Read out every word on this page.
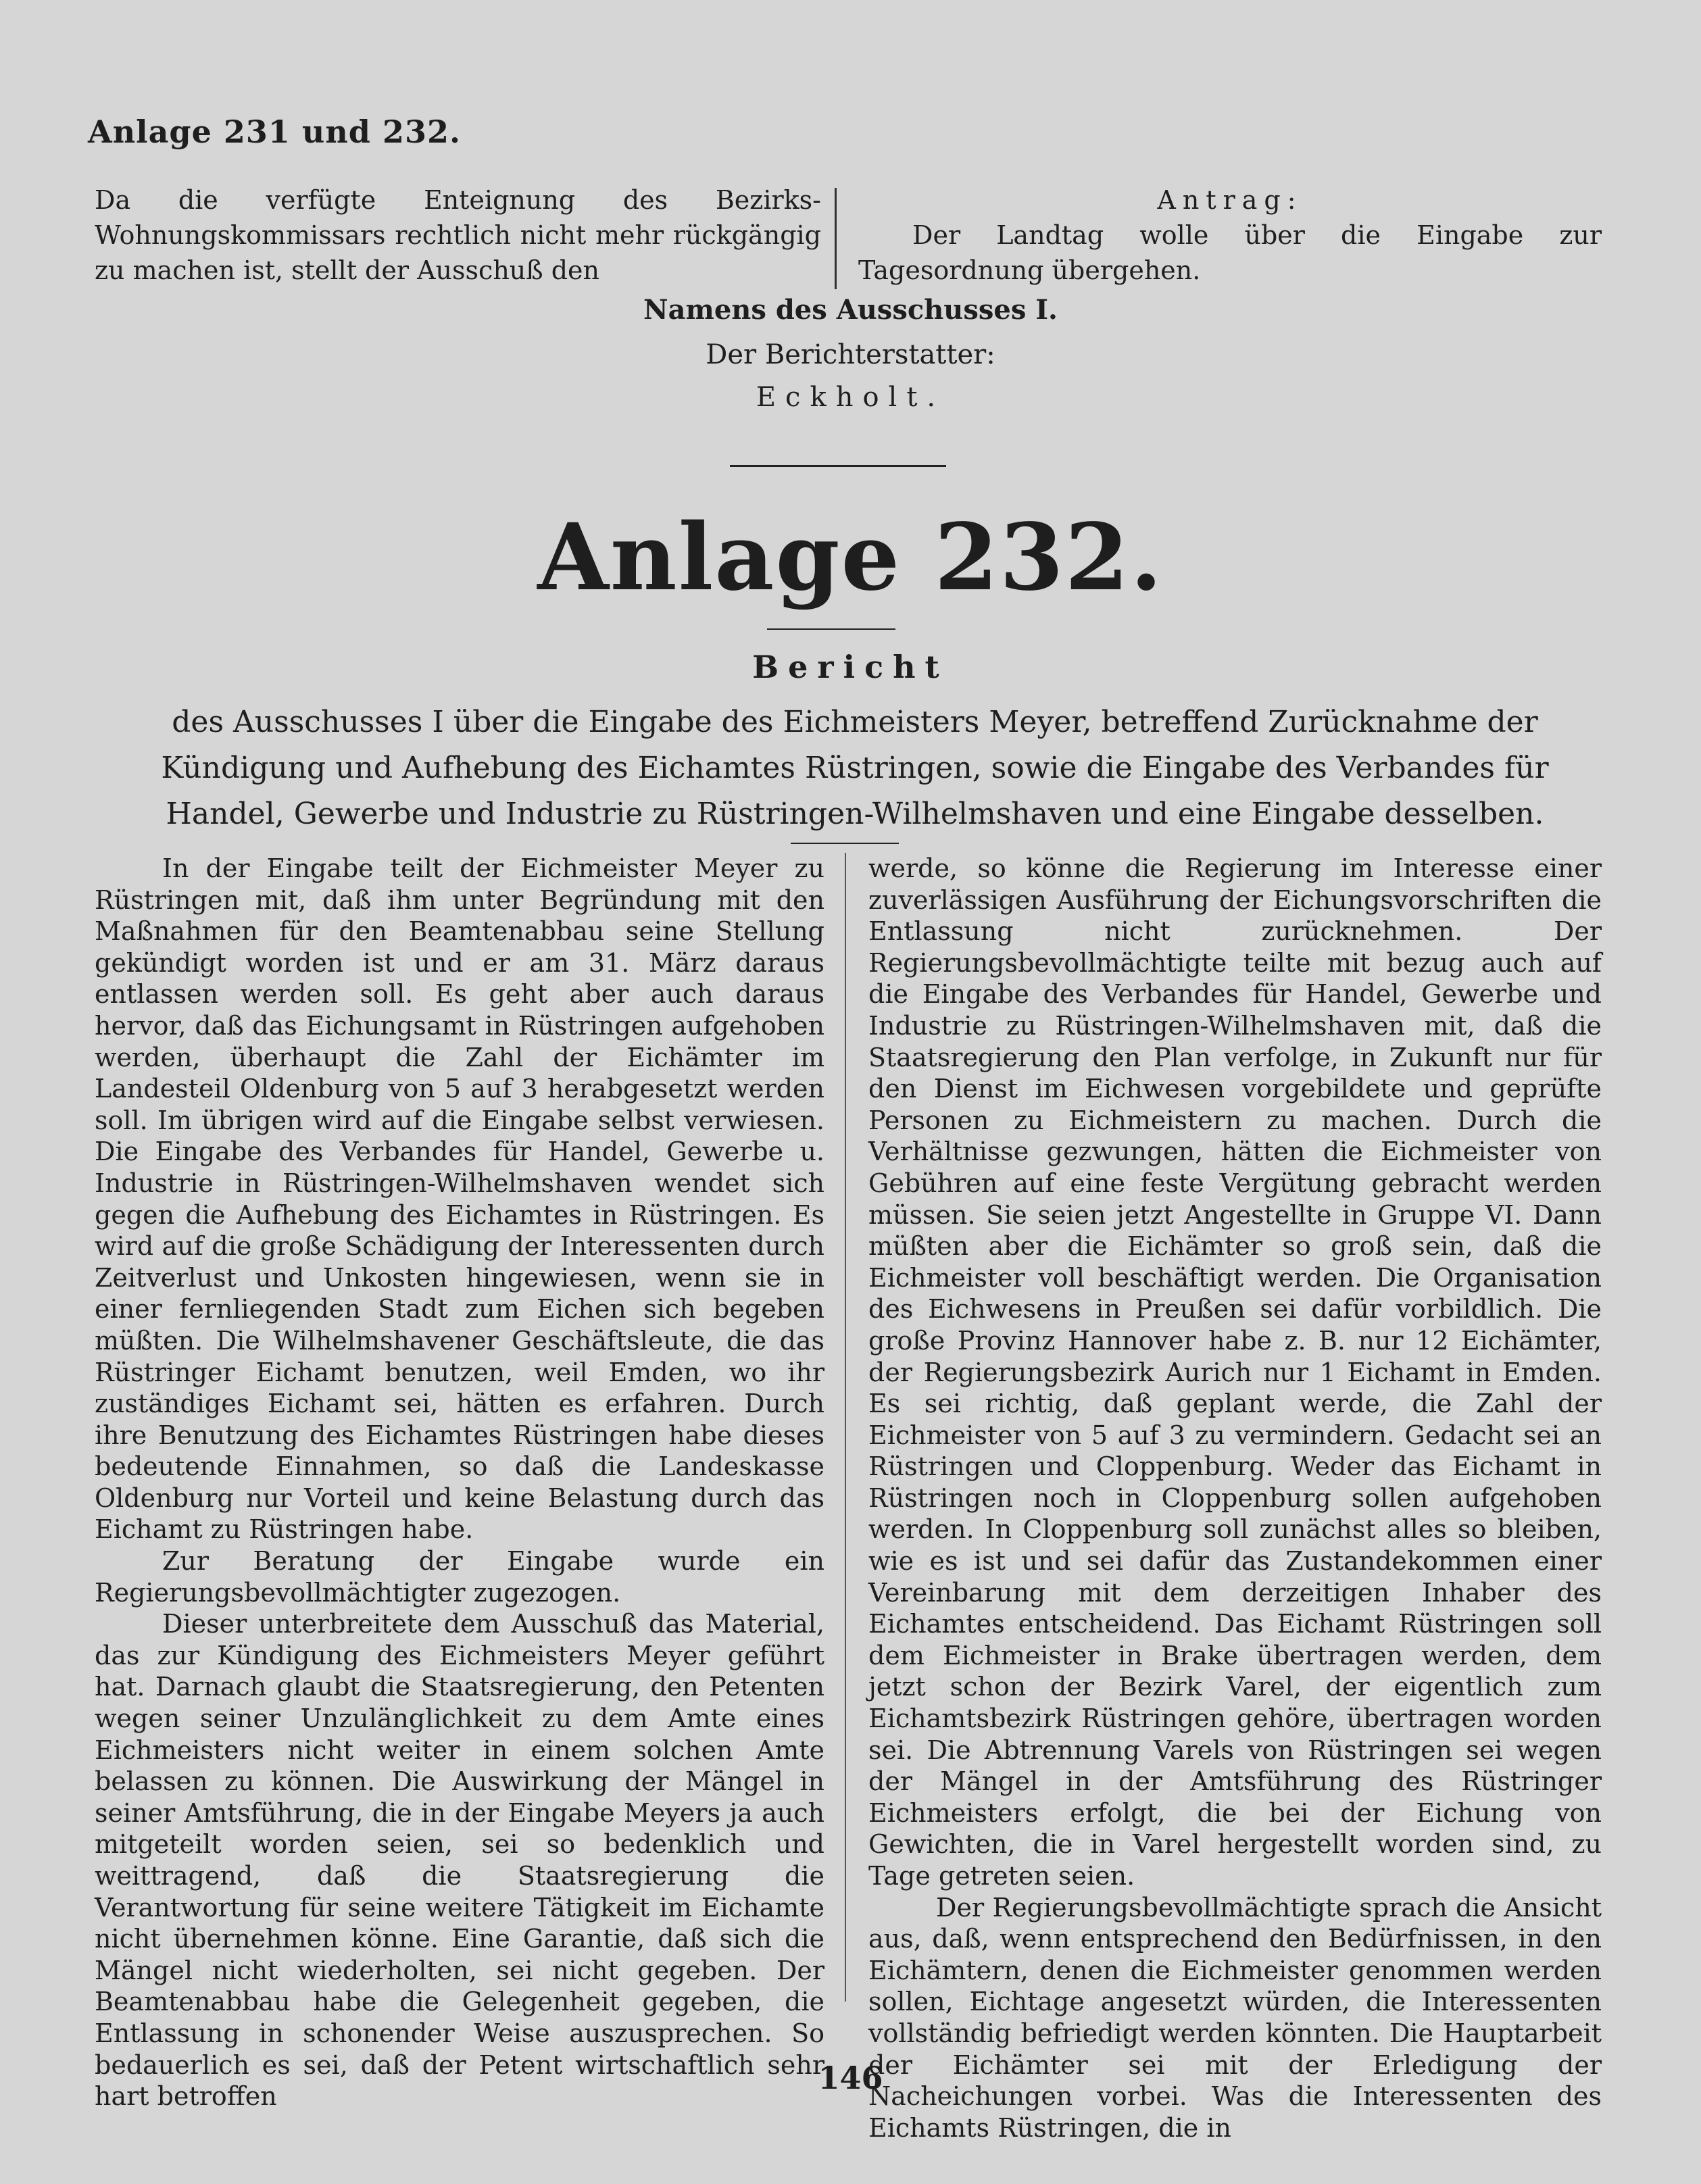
Anlage 231 und 232.
Da die verfügte Enteignung des Bezirks-Wohnungskommissars rechtlich nicht mehr rückgängig zu machen ist, stellt der Ausschuß den
Antrag:
Der Landtag wolle über die Eingabe zur Tagesordnung übergehen.
Namens des Ausschusses I.
Der Berichterstatter:
Eckholt.
Anlage 232.
Bericht
des Ausschusses I über die Eingabe des Eichmeisters Meyer, betreffend Zurücknahme der Kündigung und Aufhebung des Eichamtes Rüstringen, sowie die Eingabe des Verbandes für Handel, Gewerbe und Industrie zu Rüstringen-Wilhelmshaven und eine Eingabe desselben.

In der Eingabe teilt der Eichmeister Meyer zu Rüstringen mit, daß ihm unter Begründung mit den Maßnahmen für den Beamtenabbau seine Stellung gekündigt worden ist und er am 31. März daraus entlassen werden soll. Es geht aber auch daraus hervor, daß das Eichungsamt in Rüstringen aufgehoben werden, überhaupt die Zahl der Eichämter im Landesteil Oldenburg von 5 auf 3 herabgesetzt werden soll. Im übrigen wird auf die Eingabe selbst verwiesen. Die Eingabe des Verbandes für Handel, Gewerbe u. Industrie in Rüstringen-Wilhelmshaven wendet sich gegen die Aufhebung des Eichamtes in Rüstringen. Es wird auf die große Schädigung der Interessenten durch Zeitverlust und Unkosten hingewiesen, wenn sie in einer fernliegenden Stadt zum Eichen sich begeben müßten. Die Wilhelmshavener Geschäftsleute, die das Rüstringer Eichamt benutzen, weil Emden, wo ihr zuständiges Eichamt sei, hätten es erfahren. Durch ihre Benutzung des Eichamtes Rüstringen habe dieses bedeutende Einnahmen, so daß die Landeskasse Oldenburg nur Vorteil und keine Belastung durch das Eichamt zu Rüstringen habe.

Zur Beratung der Eingabe wurde ein Regierungsbevollmächtigter zugezogen.

Dieser unterbreitete dem Ausschuß das Material, das zur Kündigung des Eichmeisters Meyer geführt hat. Darnach glaubt die Staatsregierung, den Petenten wegen seiner Unzulänglichkeit zu dem Amte eines Eichmeisters nicht weiter in einem solchen Amte belassen zu können. Die Auswirkung der Mängel in seiner Amtsführung, die in der Eingabe Meyers ja auch mitgeteilt worden seien, sei so bedenklich und weittragend, daß die Staatsregierung die Verantwortung für seine weitere Tätigkeit im Eichamte nicht übernehmen könne. Eine Garantie, daß sich die Mängel nicht wiederholten, sei nicht gegeben. Der Beamtenabbau habe die Gelegenheit gegeben, die Entlassung in schonender Weise auszusprechen. So bedauerlich es sei, daß der Petent wirtschaftlich sehr hart betroffen

werde, so könne die Regierung im Interesse einer zuverlässigen Ausführung der Eichungsvorschriften die Entlassung nicht zurücknehmen. Der Regierungsbevollmächtigte teilte mit bezug auch auf die Eingabe des Verbandes für Handel, Gewerbe und Industrie zu Rüstringen-Wilhelmshaven mit, daß die Staatsregierung den Plan verfolge, in Zukunft nur für den Dienst im Eichwesen vorgebildete und geprüfte Personen zu Eichmeistern zu machen. Durch die Verhältnisse gezwungen, hätten die Eichmeister von Gebühren auf eine feste Vergütung gebracht werden müssen. Sie seien jetzt Angestellte in Gruppe VI. Dann müßten aber die Eichämter so groß sein, daß die Eichmeister voll beschäftigt werden. Die Organisation des Eichwesens in Preußen sei dafür vorbildlich. Die große Provinz Hannover habe z. B. nur 12 Eichämter, der Regierungsbezirk Aurich nur 1 Eichamt in Emden. Es sei richtig, daß geplant werde, die Zahl der Eichmeister von 5 auf 3 zu vermindern. Gedacht sei an Rüstringen und Cloppenburg. Weder das Eichamt in Rüstringen noch in Cloppenburg sollen aufgehoben werden. In Cloppenburg soll zunächst alles so bleiben, wie es ist und sei dafür das Zustandekommen einer Vereinbarung mit dem derzeitigen Inhaber des Eichamtes entscheidend. Das Eichamt Rüstringen soll dem Eichmeister in Brake übertragen werden, dem jetzt schon der Bezirk Varel, der eigentlich zum Eichamtsbezirk Rüstringen gehöre, übertragen worden sei. Die Abtrennung Varels von Rüstringen sei wegen der Mängel in der Amtsführung des Rüstringer Eichmeisters erfolgt, die bei der Eichung von Gewichten, die in Varel hergestellt worden sind, zu Tage getreten seien.

Der Regierungsbevollmächtigte sprach die Ansicht aus, daß, wenn entsprechend den Bedürfnissen, in den Eichämtern, denen die Eichmeister genommen werden sollen, Eichtage angesetzt würden, die Interessenten vollständig befriedigt werden könnten. Die Hauptarbeit der Eichämter sei mit der Erledigung der Nacheichungen vorbei. Was die Interessenten des Eichamts Rüstringen, die in

146
